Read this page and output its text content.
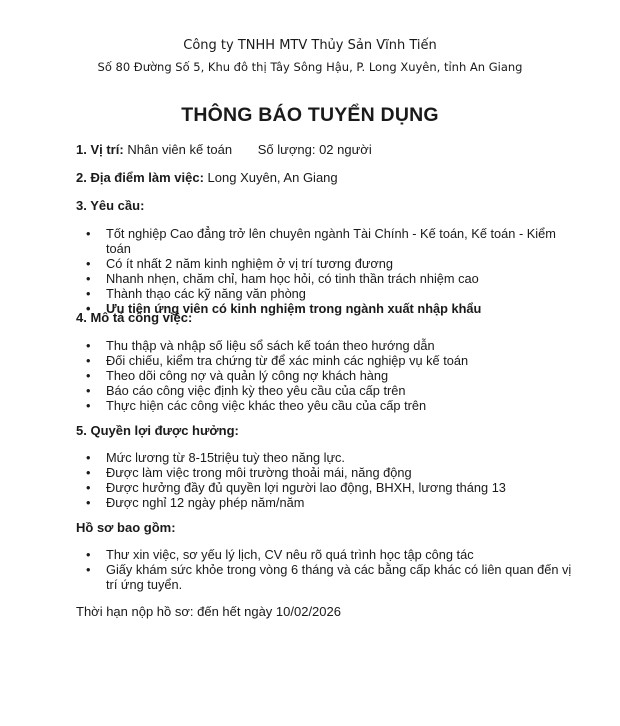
Công ty TNHH MTV Thủy Sản Vĩnh Tiến
Số 80 Đường Số 5, Khu đô thị Tây Sông Hậu, P. Long Xuyên, tỉnh An Giang
THÔNG BÁO TUYỂN DỤNG
1. Vị trí: Nhân viên kế toán Số lượng: 02 người
2. Địa điểm làm việc: Long Xuyên, An Giang
3. Yêu cầu:
• Tốt nghiệp Cao đẳng trở lên chuyên ngành Tài Chính - Kế toán, Kế toán - Kiểm toán
• Có ít nhất 2 năm kinh nghiệm ở vị trí tương đương
• Nhanh nhẹn, chăm chỉ, ham học hỏi, có tinh thần trách nhiệm cao
• Thành thạo các kỹ năng văn phòng
• Ưu tiên ứng viên có kinh nghiệm trong ngành xuất nhập khẩu
4. Mô tả công việc:
• Thu thập và nhập số liệu sổ sách kế toán theo hướng dẫn
• Đối chiếu, kiểm tra chứng từ để xác minh các nghiệp vụ kế toán
• Theo dõi công nợ và quản lý công nợ khách hàng
• Báo cáo công việc định kỳ theo yêu cầu của cấp trên
• Thực hiện các công việc khác theo yêu cầu của cấp trên
5. Quyền lợi được hưởng:
• Mức lương từ 8-15triệu tuỳ theo năng lực.
• Được làm việc trong môi trường thoải mái, năng động
• Được hưởng đầy đủ quyền lợi người lao động, BHXH, lương tháng 13
• Được nghỉ 12 ngày phép năm/năm
Hồ sơ bao gồm:
• Thư xin việc, sơ yếu lý lịch, CV nêu rõ quá trình học tập công tác
• Giấy khám sức khỏe trong vòng 6 tháng và các bằng cấp khác có liên quan đến vị trí ứng tuyển.
Thời hạn nộp hồ sơ: đến hết ngày 10/02/2026
